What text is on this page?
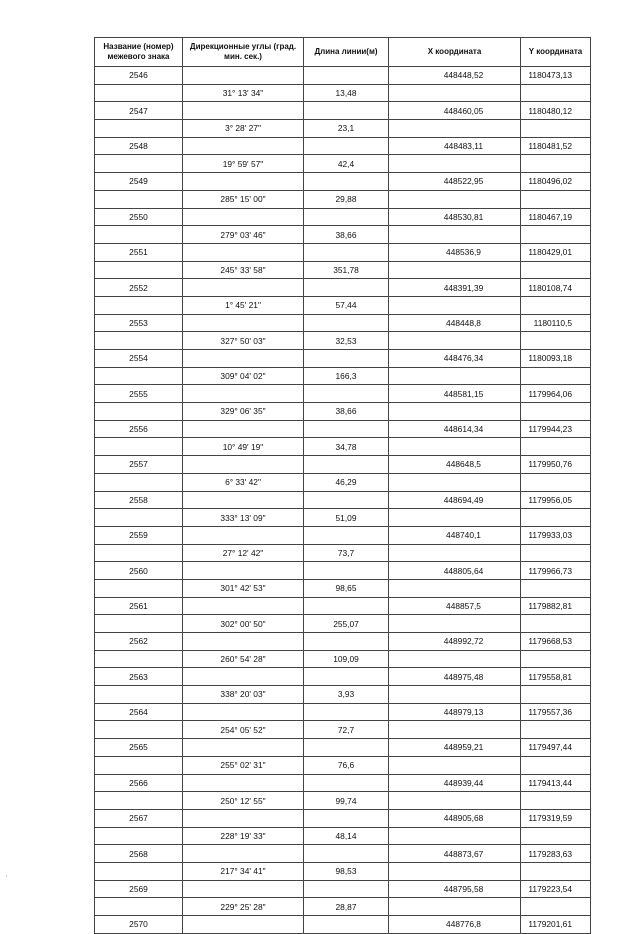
Название (номер) межевого знака	Дирекционные углы (град. мин. сек.)	Длина линии(м)	X координата	Y координата
2546			448448,52	1180473,13
	31° 13' 34"	13,48		
2547			448460,05	1180480,12
	3° 28' 27"	23,1		
2548			448483,11	1180481,52
	19° 59' 57"	42,4		
2549			448522,95	1180496,02
	285° 15' 00"	29,88		
2550			448530,81	1180467,19
	279° 03' 46"	38,66		
2551			448536,9	1180429,01
	245° 33' 58"	351,78		
2552			448391,39	1180108,74
	1° 45' 21"	57,44		
2553			448448,8	1180110,5
	327° 50' 03"	32,53		
2554			448476,34	1180093,18
	309° 04' 02"	166,3		
2555			448581,15	1179964,06
	329° 06' 35"	38,66		
2556			448614,34	1179944,23
	10° 49' 19"	34,78		
2557			448648,5	1179950,76
	6° 33' 42"	46,29		
2558			448694,49	1179956,05
	333° 13' 09"	51,09		
2559			448740,1	1179933,03
	27° 12' 42"	73,7		
2560			448805,64	1179966,73
	301° 42' 53"	98,65		
2561			448857,5	1179882,81
	302° 00' 50"	255,07		
2562			448992,72	1179668,53
	260° 54' 28"	109,09		
2563			448975,48	1179558,81
	338° 20' 03"	3,93		
2564			448979,13	1179557,36
	254° 05' 52"	72,7		
2565			448959,21	1179497,44
	255° 02' 31"	76,6		
2566			448939,44	1179413,44
	250° 12' 55"	99,74		
2567			448905,68	1179319,59
	228° 19' 33"	48,14		
2568			448873,67	1179283,63
	217° 34' 41"	98,53		
2569			448795,58	1179223,54
	229° 25' 28"	28,87		
2570			448776,8	1179201,61
'
